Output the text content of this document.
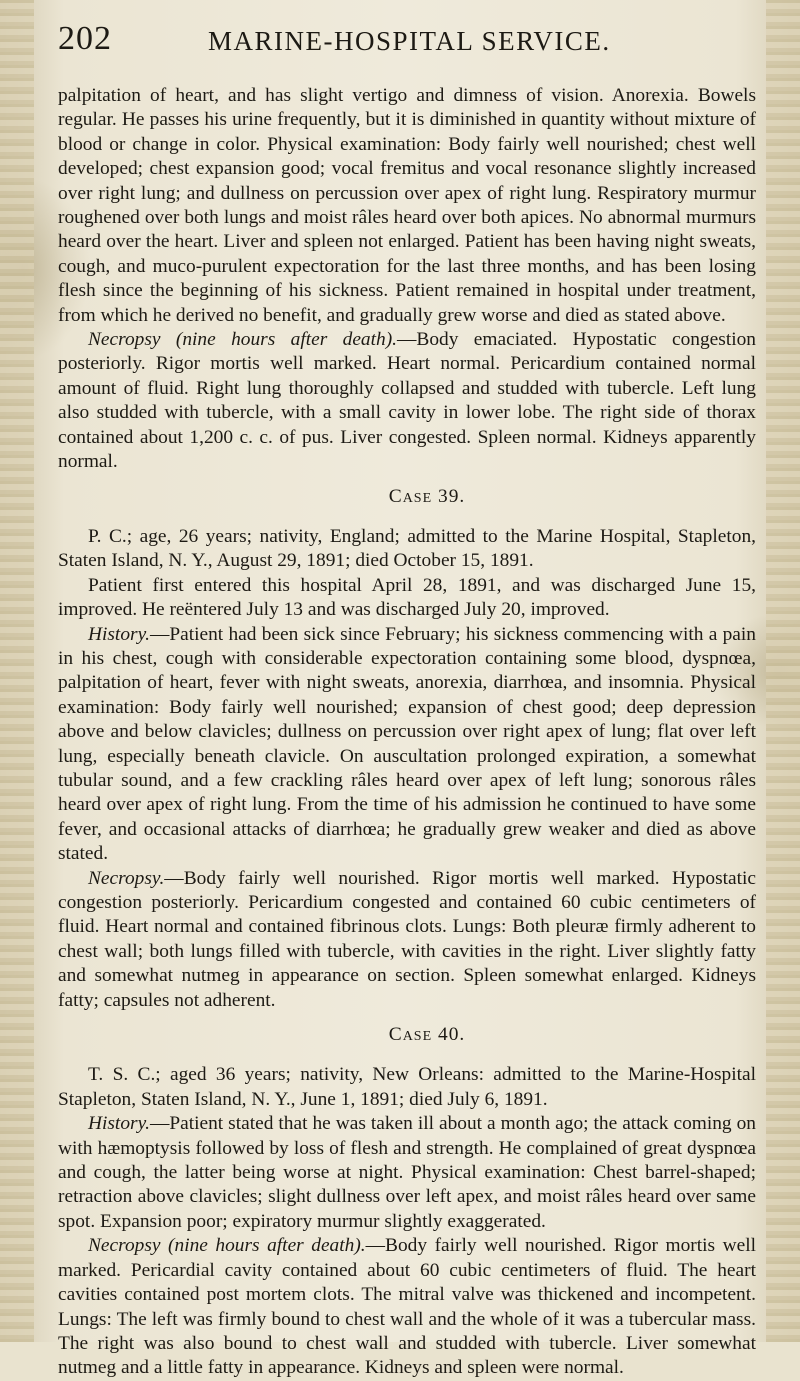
202	MARINE-HOSPITAL SERVICE.

palpitation of heart, and has slight vertigo and dimness of vision. Anorexia. Bowels regular. He passes his urine frequently, but it is diminished in quantity without mixture of blood or change in color. Physical examination: Body fairly well nourished; chest well developed; chest expansion good; vocal fremitus and vocal resonance slightly increased over right lung; and dullness on percussion over apex of right lung. Respiratory murmur roughened over both lungs and moist râles heard over both apices. No abnormal murmurs heard over the heart. Liver and spleen not enlarged. Patient has been having night sweats, cough, and muco-purulent expectoration for the last three months, and has been losing flesh since the beginning of his sickness. Patient remained in hospital under treatment, from which he derived no benefit, and gradually grew worse and died as stated above.

Necropsy (nine hours after death).—Body emaciated. Hypostatic congestion posteriorly. Rigor mortis well marked. Heart normal. Pericardium contained normal amount of fluid. Right lung thoroughly collapsed and studded with tubercle. Left lung also studded with tubercle, with a small cavity in lower lobe. The right side of thorax contained about 1,200 c. c. of pus. Liver congested. Spleen normal. Kidneys apparently normal.

Case 39.

P. C.; age, 26 years; nativity, England; admitted to the Marine Hospital, Stapleton, Staten Island, N. Y., August 29, 1891; died October 15, 1891.

Patient first entered this hospital April 28, 1891, and was discharged June 15, improved. He reëntered July 13 and was discharged July 20, improved.

History.—Patient had been sick since February; his sickness commencing with a pain in his chest, cough with considerable expectoration containing some blood, dyspnœa, palpitation of heart, fever with night sweats, anorexia, diarrhœa, and insomnia. Physical examination: Body fairly well nourished; expansion of chest good; deep depression above and below clavicles; dullness on percussion over right apex of lung; flat over left lung, especially beneath clavicle. On auscultation prolonged expiration, a somewhat tubular sound, and a few crackling râles heard over apex of left lung; sonorous râles heard over apex of right lung. From the time of his admission he continued to have some fever, and occasional attacks of diarrhœa; he gradually grew weaker and died as above stated.

Necropsy.—Body fairly well nourished. Rigor mortis well marked. Hypostatic congestion posteriorly. Pericardium congested and contained 60 cubic centimeters of fluid. Heart normal and contained fibrinous clots. Lungs: Both pleuræ firmly adherent to chest wall; both lungs filled with tubercle, with cavities in the right. Liver slightly fatty and somewhat nutmeg in appearance on section. Spleen somewhat enlarged. Kidneys fatty; capsules not adherent.

Case 40.

T. S. C.; aged 36 years; nativity, New Orleans: admitted to the Marine-Hospital Stapleton, Staten Island, N. Y., June 1, 1891; died July 6, 1891.

History.—Patient stated that he was taken ill about a month ago; the attack coming on with hæmoptysis followed by loss of flesh and strength. He complained of great dyspnœa and cough, the latter being worse at night. Physical examination: Chest barrel-shaped; retraction above clavicles; slight dullness over left apex, and moist râles heard over same spot. Expansion poor; expiratory murmur slightly exaggerated.

Necropsy (nine hours after death).—Body fairly well nourished. Rigor mortis well marked. Pericardial cavity contained about 60 cubic centimeters of fluid. The heart cavities contained post mortem clots. The mitral valve was thickened and incompetent. Lungs: The left was firmly bound to chest wall and the whole of it was a tubercular mass. The right was also bound to chest wall and studded with tubercle. Liver somewhat nutmeg and a little fatty in appearance. Kidneys and spleen were normal.
